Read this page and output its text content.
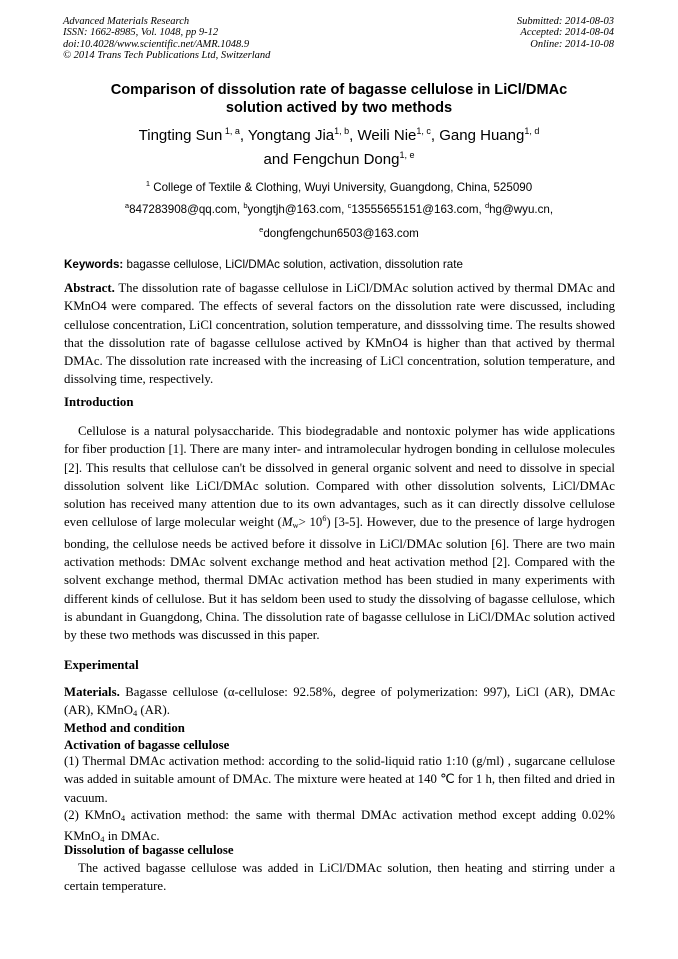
Advanced Materials Research
ISSN: 1662-8985, Vol. 1048, pp 9-12
doi:10.4028/www.scientific.net/AMR.1048.9
© 2014 Trans Tech Publications Ltd, Switzerland
Submitted: 2014-08-03
Accepted: 2014-08-04
Online: 2014-10-08
Comparison of dissolution rate of bagasse cellulose in LiCl/DMAc
solution actived by two methods
Tingting Sun $^{1, a}$, Yongtang Jia$^{1, b}$, Weili Nie$^{1, c}$, Gang Huang$^{1, d}$
and Fengchun Dong$^{1, e}$
$^1$ College of Textile & Clothing, Wuyi University, Guangdong, China, 525090
$^a$847283908@qq.com, $^b$yongtjh@163.com, $^c$13555655151@163.com, $^d$hg@wyu.cn,
$^e$dongfengchun6503@163.com
Keywords: bagasse cellulose, LiCl/DMAc solution, activation, dissolution rate
Abstract. The dissolution rate of bagasse cellulose in LiCl/DMAc solution actived by thermal DMAc and KMnO4 were compared. The effects of several factors on the dissolution rate were discussed, including cellulose concentration, LiCl concentration, solution temperature, and disssolving time. The results showed that the dissolution rate of bagasse cellulose actived by KMnO4 is higher than that actived by thermal DMAc. The dissolution rate increased with the increasing of LiCl concentration, solution temperature, and dissolving time, respectively.
Introduction
Cellulose is a natural polysaccharide. This biodegradable and nontoxic polymer has wide applications for fiber production [1]. There are many inter- and intramolecular hydrogen bonding in cellulose molecules [2]. This results that cellulose can't be dissolved in general organic solvent and need to dissolve in special dissolution solvent like LiCl/DMAc solution. Compared with other dissolution solvents, LiCl/DMAc solution has received many attention due to its own advantages, such as it can directly dissolve cellulose even cellulose of large molecular weight $(M_w> 10^6)$ [3-5]. However, due to the presence of large hydrogen bonding, the cellulose needs be actived before it dissolve in LiCl/DMAc solution [6]. There are two main activation methods: DMAc solvent exchange method and heat activation method [2]. Compared with the solvent exchange method, thermal DMAc activation method has been studied in many experiments with different kinds of cellulose. But it has seldom been used to study the dissolving of bagasse cellulose, which is abundant in Guangdong, China. The dissolution rate of bagasse cellulose in LiCl/DMAc solution actived by these two methods was discussed in this paper.
Experimental
Materials. Bagasse cellulose (α-cellulose: 92.58%, degree of polymerization: 997), LiCl (AR), DMAc (AR), KMnO$_4$ (AR).
Method and condition
Activation of bagasse cellulose
(1) Thermal DMAc activation method: according to the solid-liquid ratio 1:10 (g/ml) , sugarcane cellulose was added in suitable amount of DMAc. The mixture were heated at 140 ℃ for 1 h, then filted and dried in vacuum.
(2) KMnO$_4$ activation method: the same with thermal DMAc activation method except adding 0.02% KMnO$_4$ in DMAc.
Dissolution of bagasse cellulose
The actived bagasse cellulose was added in LiCl/DMAc solution, then heating and stirring under a certain temperature.
